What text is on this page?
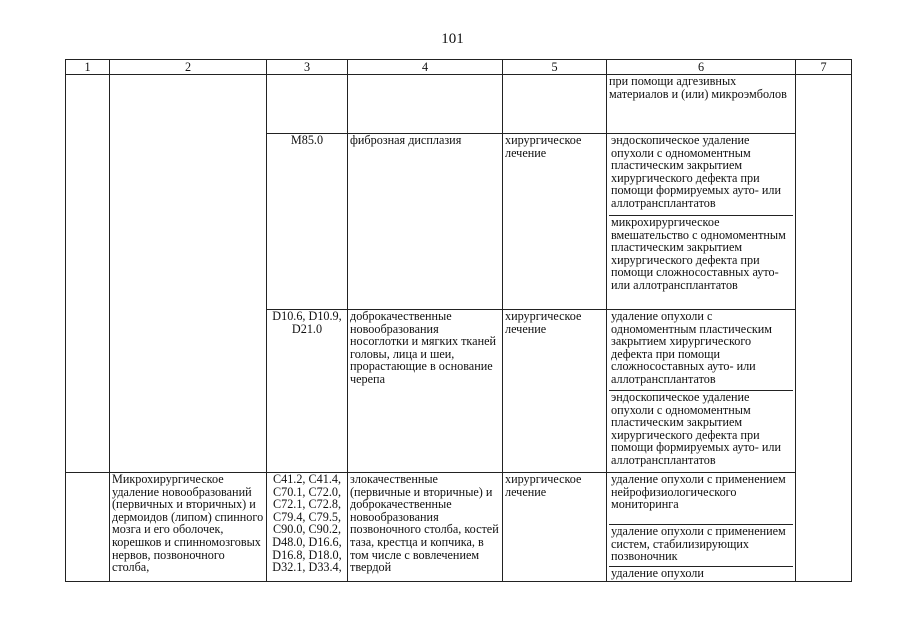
101
1	2	3	4	5	6	7
					при помощи адгезивных материалов и (или) микроэмболов	
		M85.0	фиброзная дисплазия	хирургическое лечение	эндоскопическое удаление опухоли с одномоментным пластическим закрытием хирургического дефекта при помощи формируемых ауто- или аллотрансплантатов
микрохирургическое вмешательство с одномоментным пластическим закрытием хирургического дефекта при помощи сложносоставных ауто- или аллотрансплантатов	

		D10.6, D10.9, D21.0	доброкачественные новообразования носоглотки и мягких тканей головы, лица и шеи, прорастающие в основание черепа	хирургическое лечение	удаление опухоли с одномоментным пластическим закрытием хирургического дефекта при помощи сложносоставных ауто- или аллотрансплантатов
эндоскопическое удаление опухоли с одномоментным пластическим закрытием хирургического дефекта при помощи формируемых ауто- или аллотрансплантатов	

	Микрохирургическое удаление новообразований (первичных и вторичных) и дермоидов (липом) спинного мозга и его оболочек, корешков и спинномозговых нервов, позвоночного столба,	C41.2, C41.4, C70.1, C72.0, C72.1, C72.8, C79.4, C79.5, C90.0, C90.2, D48.0, D16.6, D16.8, D18.0, D32.1, D33.4,	злокачественные (первичные и вторичные) и доброкачественные новообразования позвоночного столба, костей таза, крестца и копчика, в том числе с вовлечением твердой	хирургическое лечение	удаление опухоли с применением нейрофизиологического мониторинга
удаление опухоли с применением систем, стабилизирующих позвоночник
удаление опухоли	
